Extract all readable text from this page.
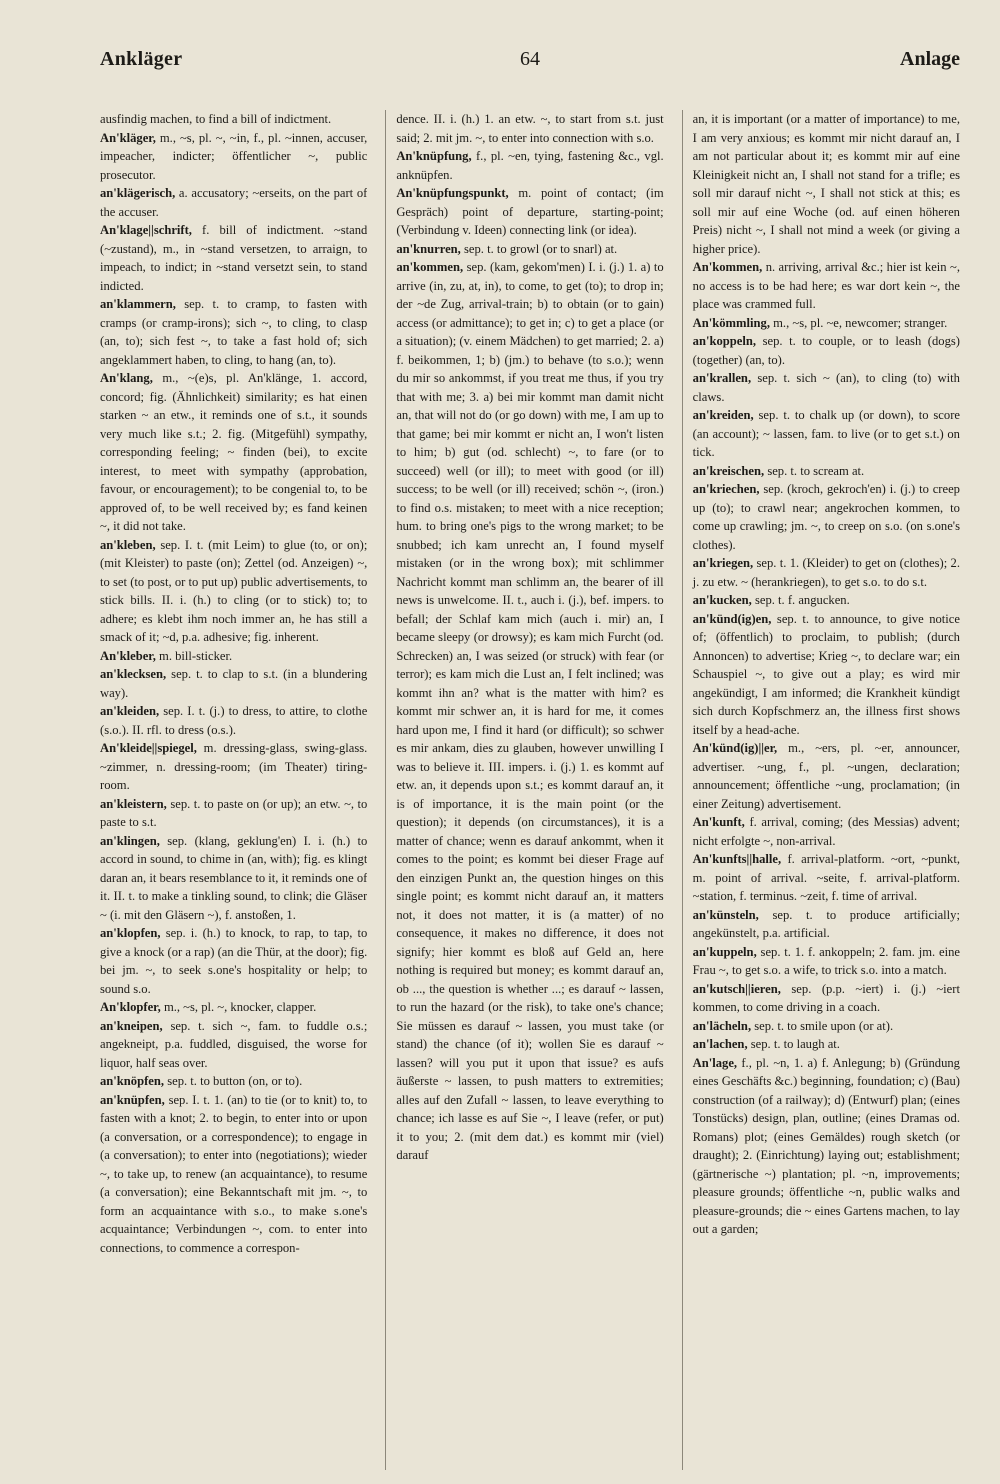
Ankläger	64	Anlage

ausfindig machen, to find a bill of indictment.

An'kläger, m., ~s, pl. ~, ~in, f., pl. ~innen, accuser, impeacher, indicter; öffentlicher ~, public prosecutor.

an'klägerisch, a. accusatory; ~erseits, on the part of the accuser.

An'klage||schrift, f. bill of indictment. ~stand (~zustand), m., in ~stand versetzen, to arraign, to impeach, to indict; in ~stand versetzt sein, to stand indicted.

an'klammern, sep. t. to cramp, to fasten with cramps (or cramp-irons); sich ~, to cling, to clasp (an, to); sich fest ~, to take a fast hold of; sich angeklammert haben, to cling, to hang (an, to).

An'klang, m., ~(e)s, pl. An'klänge, 1. accord, concord; fig. (Ähnlichkeit) similarity; es hat einen starken ~ an etw., it reminds one of s.t., it sounds very much like s.t.; 2. fig. (Mitgefühl) sympathy, corresponding feeling; ~ finden (bei), to excite interest, to meet with sympathy (approbation, favour, or encouragement); to be congenial to, to be approved of, to be well received by; es fand keinen ~, it did not take.

an'kleben, sep. I. t. (mit Leim) to glue (to, or on); (mit Kleister) to paste (on); Zettel (od. Anzeigen) ~, to set (to post, or to put up) public advertisements, to stick bills. II. i. (h.) to cling (or to stick) to; to adhere; es klebt ihm noch immer an, he has still a smack of it; ~d, p.a. adhesive; fig. inherent.

An'kleber, m. bill-sticker.

an'klecksen, sep. t. to clap to s.t. (in a blundering way).

an'kleiden, sep. I. t. (j.) to dress, to attire, to clothe (s.o.). II. rfl. to dress (o.s.).

An'kleide||spiegel, m. dressing-glass, swing-glass. ~zimmer, n. dressing-room; (im Theater) tiring-room.

an'kleistern, sep. t. to paste on (or up); an etw. ~, to paste to s.t.

an'klingen, sep. (klang, geklung'en) I. i. (h.) to accord in sound, to chime in (an, with); fig. es klingt daran an, it bears resemblance to it, it reminds one of it. II. t. to make a tinkling sound, to clink; die Gläser ~ (i. mit den Gläsern ~), f. anstoßen, 1.

an'klopfen, sep. i. (h.) to knock, to rap, to tap, to give a knock (or a rap) (an die Thür, at the door); fig. bei jm. ~, to seek s.one's hospitality or help; to sound s.o.

An'klopfer, m., ~s, pl. ~, knocker, clapper.

an'kneipen, sep. t. sich ~, fam. to fuddle o.s.; angekneipt, p.a. fuddled, disguised, the worse for liquor, half seas over.

an'knöpfen, sep. t. to button (on, or to).

an'knüpfen, sep. I. t. 1. (an) to tie (or to knit) to, to fasten with a knot; 2. to begin, to enter into or upon (a conversation, or a correspondence); to engage in (a conversation); to enter into (negotiations); wieder ~, to take up, to renew (an acquaintance), to resume (a conversation); eine Bekanntschaft mit jm. ~, to form an acquaintance with s.o., to make s.one's acquaintance; Verbindungen ~, com. to enter into connections, to commence a correspon-

dence. II. i. (h.) 1. an etw. ~, to start from s.t. just said; 2. mit jm. ~, to enter into connection with s.o.

An'knüpfung, f., pl. ~en, tying, fastening &c., vgl. anknüpfen.

An'knüpfungspunkt, m. point of contact; (im Gespräch) point of departure, starting-point; (Verbindung v. Ideen) connecting link (or idea).

an'knurren, sep. t. to growl (or to snarl) at.

an'kommen, sep. (kam, gekom'men) I. i. (j.) 1. a) to arrive (in, zu, at, in), to come, to get (to); to drop in; der ~de Zug, arrival-train; b) to obtain (or to gain) access (or admittance); to get in; c) to get a place (or a situation); (v. einem Mädchen) to get married; 2. a) f. beikommen, 1; b) (jm.) to behave (to s.o.); wenn du mir so ankommst, if you treat me thus, if you try that with me; 3. a) bei mir kommt man damit nicht an, that will not do (or go down) with me, I am up to that game; bei mir kommt er nicht an, I won't listen to him; b) gut (od. schlecht) ~, to fare (or to succeed) well (or ill); to meet with good (or ill) success; to be well (or ill) received; schön ~, (iron.) to find o.s. mistaken; to meet with a nice reception; hum. to bring one's pigs to the wrong market; to be snubbed; ich kam unrecht an, I found myself mistaken (or in the wrong box); mit schlimmer Nachricht kommt man schlimm an, the bearer of ill news is unwelcome. II. t., auch i. (j.), bef. impers. to befall; der Schlaf kam mich (auch i. mir) an, I became sleepy (or drowsy); es kam mich Furcht (od. Schrecken) an, I was seized (or struck) with fear (or terror); es kam mich die Lust an, I felt inclined; was kommt ihn an? what is the matter with him? es kommt mir schwer an, it is hard for me, it comes hard upon me, I find it hard (or difficult); so schwer es mir ankam, dies zu glauben, however unwilling I was to believe it. III. impers. i. (j.) 1. es kommt auf etw. an, it depends upon s.t.; es kommt darauf an, it is of importance, it is the main point (or the question); it depends (on circumstances), it is a matter of chance; wenn es darauf ankommt, when it comes to the point; es kommt bei dieser Frage auf den einzigen Punkt an, the question hinges on this single point; es kommt nicht darauf an, it matters not, it does not matter, it is (a matter) of no consequence, it makes no difference, it does not signify; hier kommt es bloß auf Geld an, here nothing is required but money; es kommt darauf an, ob ..., the question is whether ...; es darauf ~ lassen, to run the hazard (or the risk), to take one's chance; Sie müssen es darauf ~ lassen, you must take (or stand) the chance (of it); wollen Sie es darauf ~ lassen? will you put it upon that issue? es aufs äußerste ~ lassen, to push matters to extremities; alles auf den Zufall ~ lassen, to leave everything to chance; ich lasse es auf Sie ~, I leave (refer, or put) it to you; 2. (mit dem dat.) es kommt mir (viel) darauf

an, it is important (or a matter of importance) to me, I am very anxious; es kommt mir nicht darauf an, I am not particular about it; es kommt mir auf eine Kleinigkeit nicht an, I shall not stand for a trifle; es soll mir darauf nicht ~, I shall not stick at this; es soll mir auf eine Woche (od. auf einen höheren Preis) nicht ~, I shall not mind a week (or giving a higher price).

An'kommen, n. arriving, arrival &c.; hier ist kein ~, no access is to be had here; es war dort kein ~, the place was crammed full.

An'kömmling, m., ~s, pl. ~e, newcomer; stranger.

an'koppeln, sep. t. to couple, or to leash (dogs) (together) (an, to).

an'krallen, sep. t. sich ~ (an), to cling (to) with claws.

an'kreiden, sep. t. to chalk up (or down), to score (an account); ~ lassen, fam. to live (or to get s.t.) on tick.

an'kreischen, sep. t. to scream at.

an'kriechen, sep. (kroch, gekroch'en) i. (j.) to creep up (to); to crawl near; angekrochen kommen, to come up crawling; jm. ~, to creep on s.o. (on s.one's clothes).

an'kriegen, sep. t. 1. (Kleider) to get on (clothes); 2. j. zu etw. ~ (herankriegen), to get s.o. to do s.t.

an'kucken, sep. t. f. angucken.

an'künd(ig)en, sep. t. to announce, to give notice of; (öffentlich) to proclaim, to publish; (durch Annoncen) to advertise; Krieg ~, to declare war; ein Schauspiel ~, to give out a play; es wird mir angekündigt, I am informed; die Krankheit kündigt sich durch Kopfschmerz an, the illness first shows itself by a head-ache.

An'künd(ig)||er, m., ~ers, pl. ~er, announcer, advertiser. ~ung, f., pl. ~ungen, declaration; announcement; öffentliche ~ung, proclamation; (in einer Zeitung) advertisement.

An'kunft, f. arrival, coming; (des Messias) advent; nicht erfolgte ~, non-arrival.

An'kunfts||halle, f. arrival-platform. ~ort, ~punkt, m. point of arrival. ~seite, f. arrival-platform. ~station, f. terminus. ~zeit, f. time of arrival.

an'künsteln, sep. t. to produce artificially; angekünstelt, p.a. artificial.

an'kuppeln, sep. t. 1. f. ankoppeln; 2. fam. jm. eine Frau ~, to get s.o. a wife, to trick s.o. into a match.

an'kutsch||ieren, sep. (p.p. ~iert) i. (j.) ~iert kommen, to come driving in a coach.

an'lächeln, sep. t. to smile upon (or at).

an'lachen, sep. t. to laugh at.

An'lage, f., pl. ~n, 1. a) f. Anlegung; b) (Gründung eines Geschäfts &c.) beginning, foundation; c) (Bau) construction (of a railway); d) (Entwurf) plan; (eines Tonstücks) design, plan, outline; (eines Dramas od. Romans) plot; (eines Gemäldes) rough sketch (or draught); 2. (Einrichtung) laying out; establishment; (gärtnerische ~) plantation; pl. ~n, improvements; pleasure grounds; öffentliche ~n, public walks and pleasure-grounds; die ~ eines Gartens machen, to lay out a garden;
